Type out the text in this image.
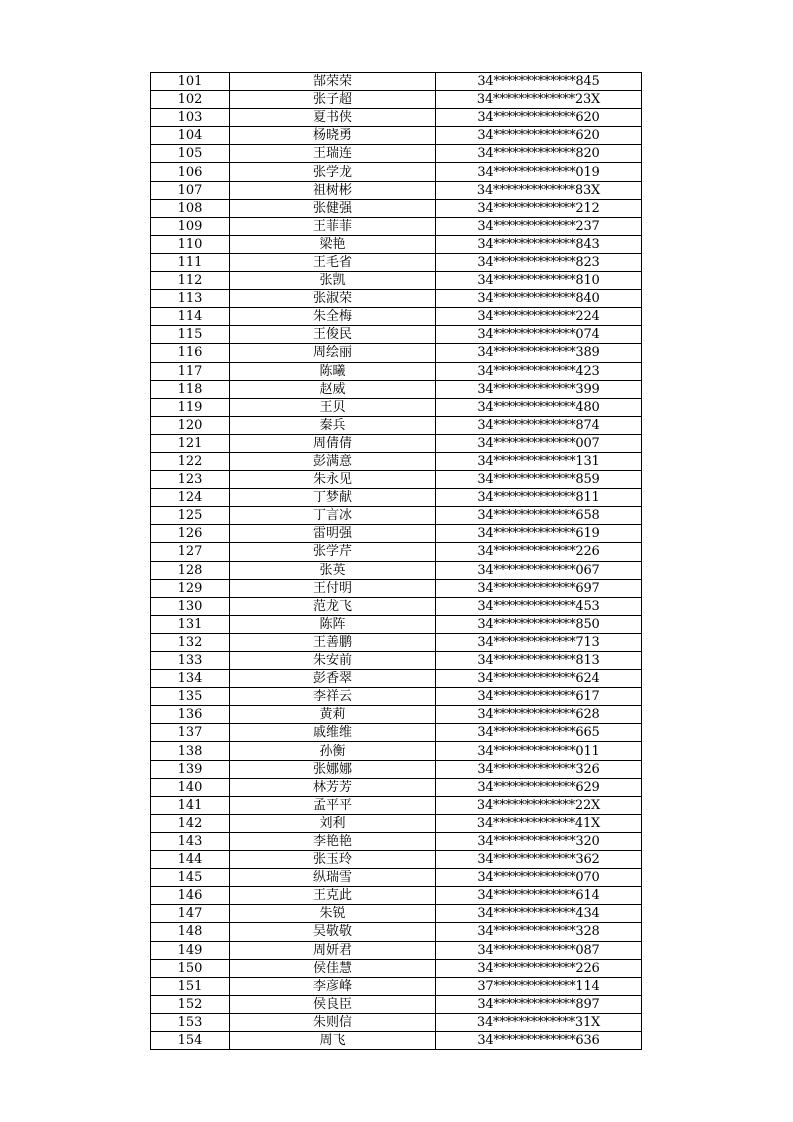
101	郜荣荣	34*************845
102	张子超	34*************23X
103	夏书侠	34*************620
104	杨晓勇	34*************620
105	王瑞连	34*************820
106	张学龙	34*************019
107	祖树彬	34*************83X
108	张健强	34*************212
109	王菲菲	34*************237
110	梁艳	34*************843
111	王毛省	34*************823
112	张凯	34*************810
113	张淑荣	34*************840
114	朱全梅	34*************224
115	王俊民	34*************074
116	周绘丽	34*************389
117	陈曦	34*************423
118	赵威	34*************399
119	王贝	34*************480
120	秦兵	34*************874
121	周倩倩	34*************007
122	彭满意	34*************131
123	朱永见	34*************859
124	丁梦献	34*************811
125	丁言冰	34*************658
126	雷明强	34*************619
127	张学芹	34*************226
128	张英	34*************067
129	王付明	34*************697
130	范龙飞	34*************453
131	陈阵	34*************850
132	王善鹏	34*************713
133	朱安前	34*************813
134	彭香翠	34*************624
135	李祥云	34*************617
136	黄莉	34*************628
137	戚维维	34*************665
138	孙衡	34*************011
139	张娜娜	34*************326
140	林芳芳	34*************629
141	孟平平	34*************22X
142	刘利	34*************41X
143	李艳艳	34*************320
144	张玉玲	34*************362
145	纵瑞雪	34*************070
146	王克此	34*************614
147	朱锐	34*************434
148	吴敬敬	34*************328
149	周妍君	34*************087
150	侯佳慧	34*************226
151	李彦峰	37*************114
152	侯良臣	34*************897
153	朱则信	34*************31X
154	周飞	34*************636
